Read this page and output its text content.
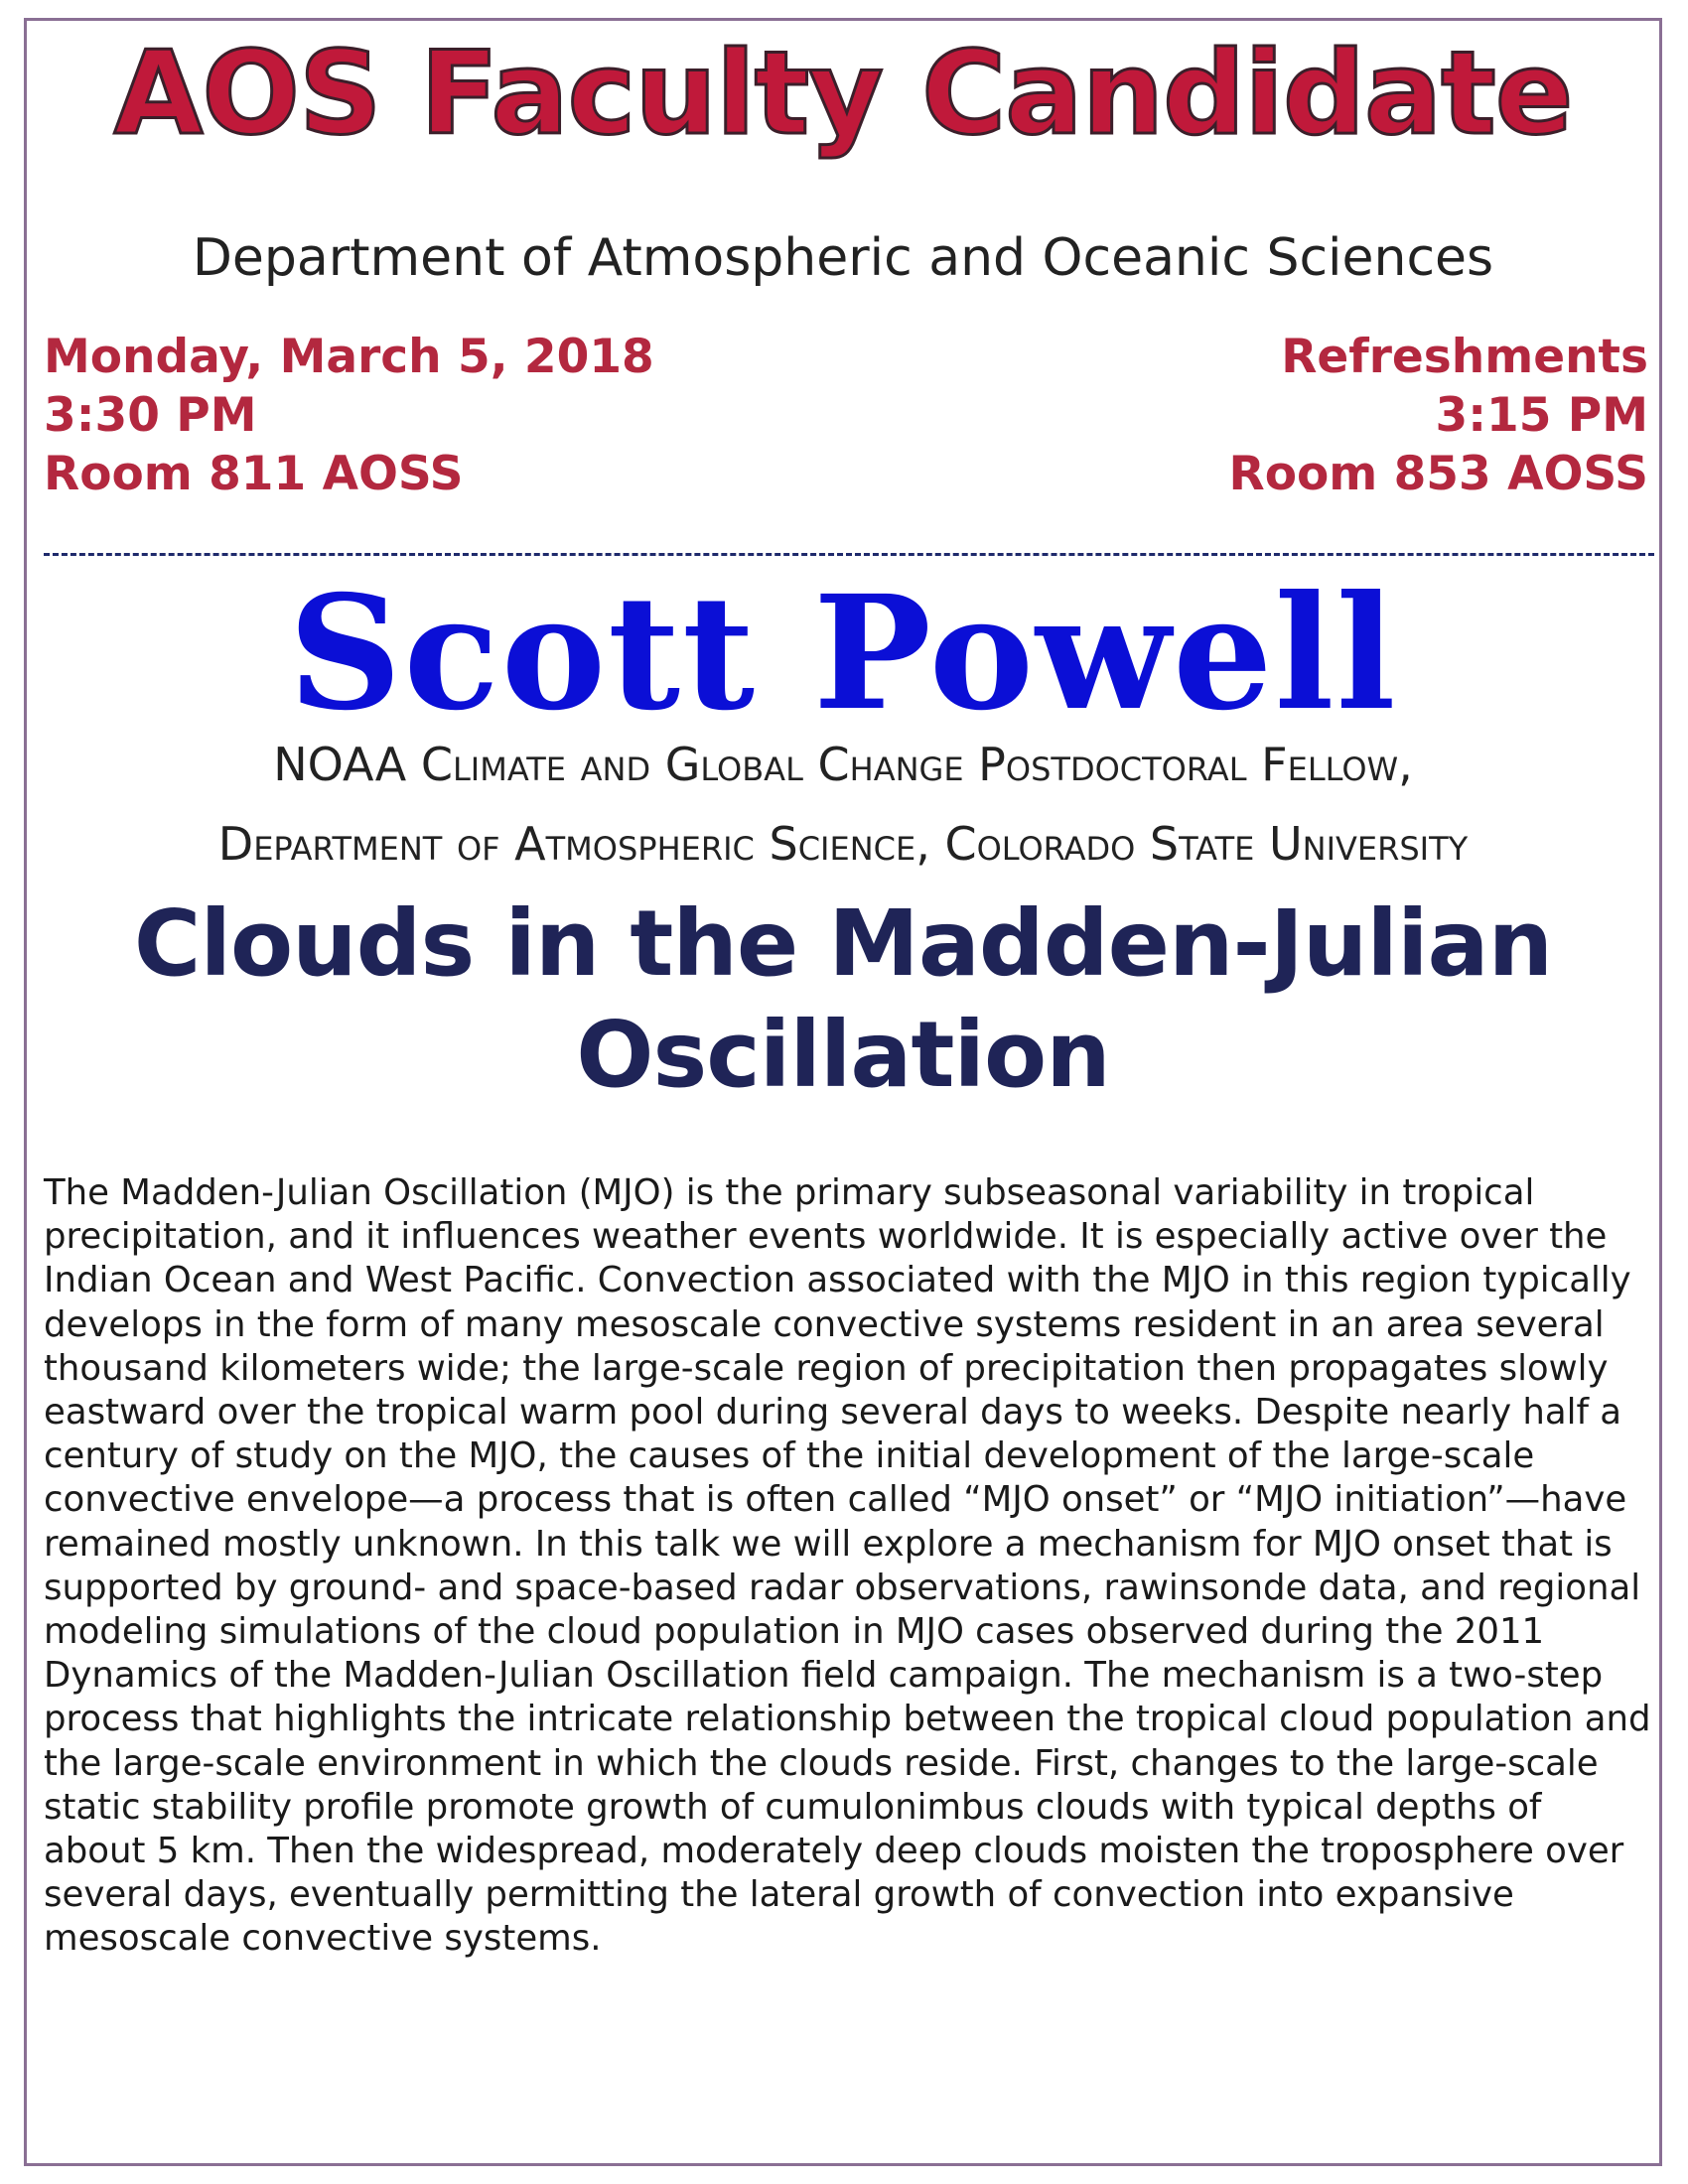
AOS Faculty Candidate
Department of Atmospheric and Oceanic Sciences
Monday, March 5, 2018
3:30 PM
Room 811 AOSS
Refreshments
3:15 PM
Room 853 AOSS
Scott Powell
NOAA Climate and Global Change Postdoctoral Fellow,
Department of Atmospheric Science, Colorado State University
Clouds in the Madden-Julian
Oscillation

The Madden-Julian Oscillation (MJO) is the primary subseasonal variability in tropical precipitation, and it influences weather events worldwide. It is especially active over the Indian Ocean and West Pacific. Convection associated with the MJO in this region typically develops in the form of many mesoscale convective systems resident in an area several thousand kilometers wide; the large-scale region of precipitation then propagates slowly eastward over the tropical warm pool during several days to weeks. Despite nearly half a century of study on the MJO, the causes of the initial development of the large-scale convective envelope—a process that is often called “MJO onset” or “MJO initiation”—have remained mostly unknown. In this talk we will explore a mechanism for MJO onset that is supported by ground- and space-based radar observations, rawinsonde data, and regional modeling simulations of the cloud population in MJO cases observed during the 2011 Dynamics of the Madden-Julian Oscillation field campaign. The mechanism is a two-step process that highlights the intricate relationship between the tropical cloud population and the large-scale environment in which the clouds reside. First, changes to the large-scale static stability profile promote growth of cumulonimbus clouds with typical depths of about 5 km. Then the widespread, moderately deep clouds moisten the troposphere over several days, eventually permitting the lateral growth of convection into expansive mesoscale convective systems.
